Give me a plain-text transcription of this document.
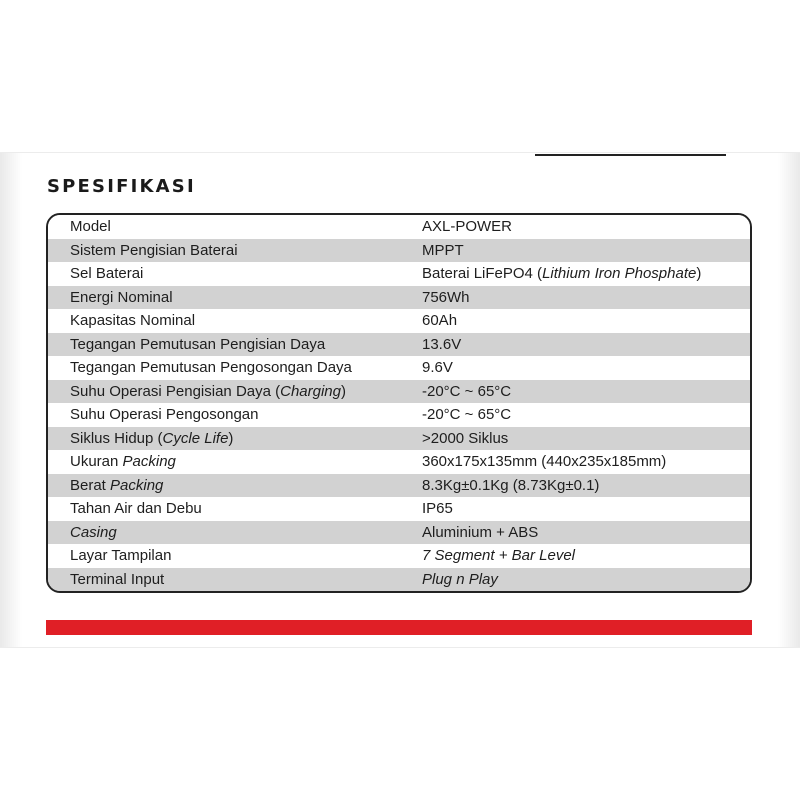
SPESIFIKASI
Model	AXL-POWER
Sistem Pengisian Baterai	MPPT
Sel Baterai	Baterai LiFePO4 (Lithium Iron Phosphate)
Energi Nominal	756Wh
Kapasitas Nominal	60Ah
Tegangan Pemutusan Pengisian Daya	13.6V
Tegangan Pemutusan Pengosongan Daya	9.6V
Suhu Operasi Pengisian Daya (Charging)	-20°C ~ 65°C
Suhu Operasi Pengosongan	-20°C ~ 65°C
Siklus Hidup (Cycle Life)	>2000 Siklus
Ukuran Packing	360x175x135mm (440x235x185mm)
Berat Packing	8.3Kg±0.1Kg (8.73Kg±0.1)
Tahan Air dan Debu	IP65
Casing	Aluminium + ABS
Layar Tampilan	7 Segment + Bar Level
Terminal Input	Plug n Play
